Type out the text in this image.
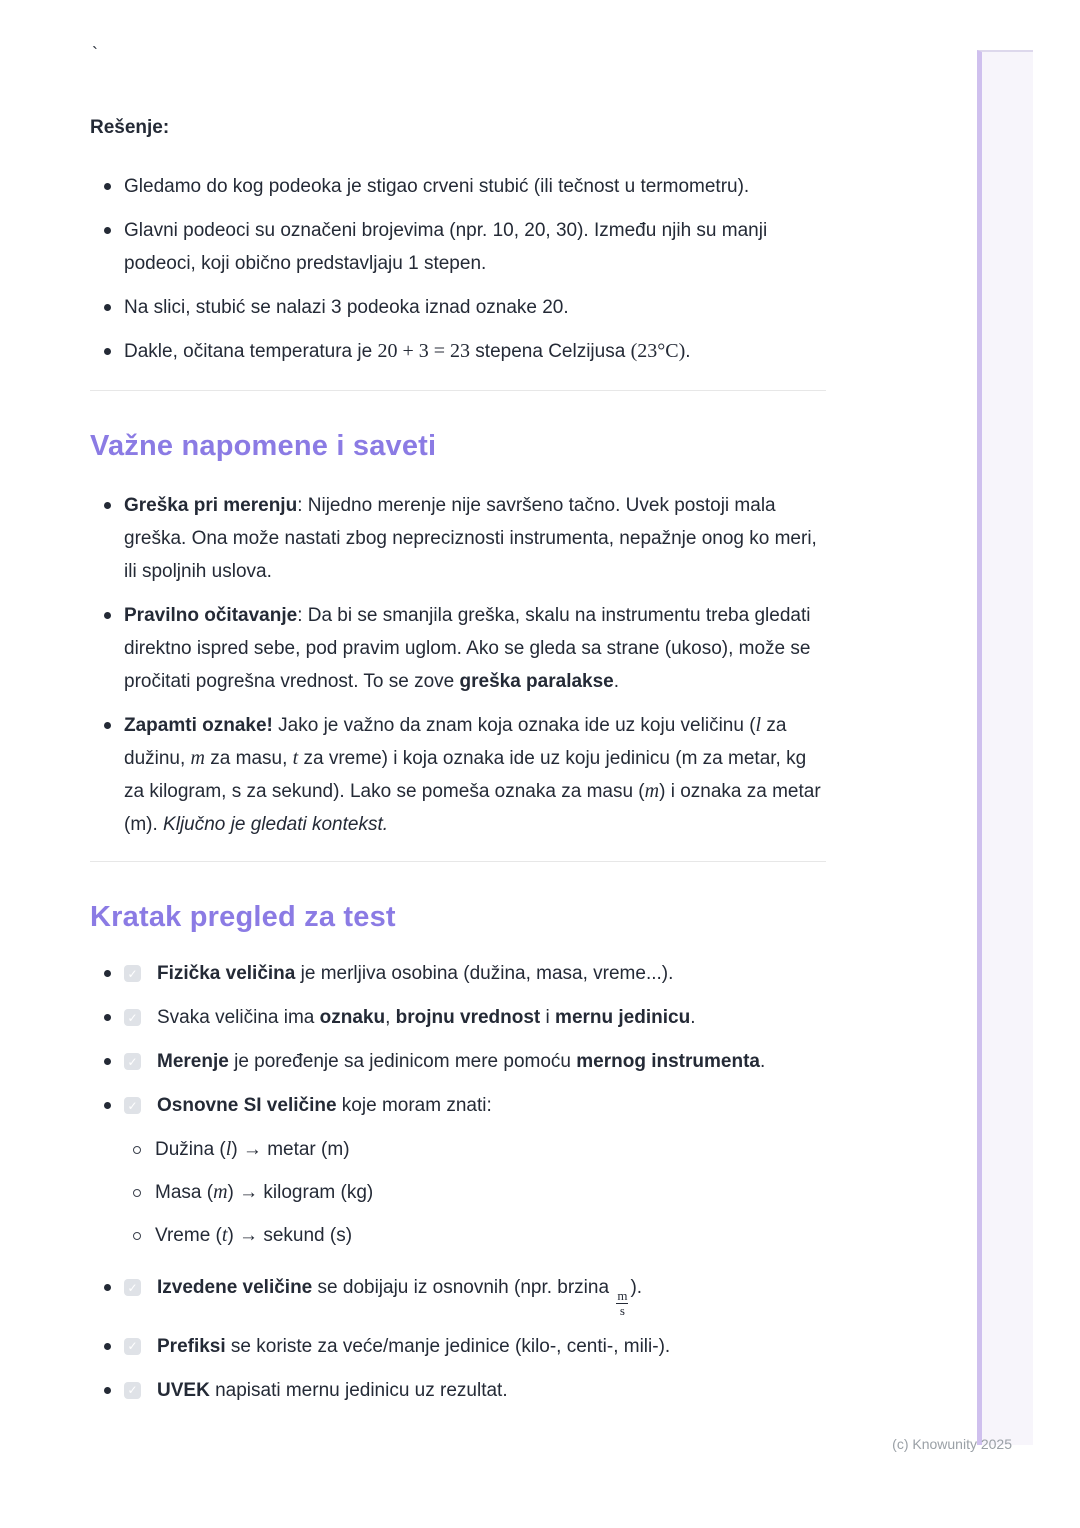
`
Rešenje:
Gledamo do kog podeoka je stigao crveni stubić (ili tečnost u termometru).
Glavni podeoci su označeni brojevima (npr. 10, 20, 30). Između njih su manji podeoci, koji obično predstavljaju 1 stepen.
Na slici, stubić se nalazi 3 podeoka iznad oznake 20.
Dakle, očitana temperatura je 20 + 3 = 23 stepena Celzijusa (23°C).
Važne napomene i saveti
Greška pri merenju: Nijedno merenje nije savršeno tačno. Uvek postoji mala greška. Ona može nastati zbog nepreciznosti instrumenta, nepažnje onog ko meri, ili spoljnih uslova.
Pravilno očitavanje: Da bi se smanjila greška, skalu na instrumentu treba gledati direktno ispred sebe, pod pravim uglom. Ako se gleda sa strane (ukoso), može se pročitati pogrešna vrednost. To se zove greška paralakse.
Zapamti oznake! Jako je važno da znam koja oznaka ide uz koju veličinu (l za dužinu, m za masu, t za vreme) i koja oznaka ide uz koju jedinicu (m za metar, kg za kilogram, s za sekund). Lako se pomeša oznaka za masu (m) i oznaka za metar (m). Ključno je gledati kontekst.
Kratak pregled za test
✓ Fizička veličina je merljiva osobina (dužina, masa, vreme...).
✓ Svaka veličina ima oznaku, brojnu vrednost i mernu jedinicu.
✓ Merenje je poređenje sa jedinicom mere pomoću mernog instrumenta.
✓ Osnovne SI veličine koje moram znati:
Dužina (l) → metar (m)
Masa (m) → kilogram (kg)
Vreme (t) → sekund (s)
✓ Izvedene veličine se dobijaju iz osnovnih (npr. brzina
$\frac{m}{s}$
).
✓ Prefiksi se koriste za veće/manje jedinice (kilo-, centi-, mili-).
✓ UVEK napisati mernu jedinicu uz rezultat.
(c) Knowunity 2025
